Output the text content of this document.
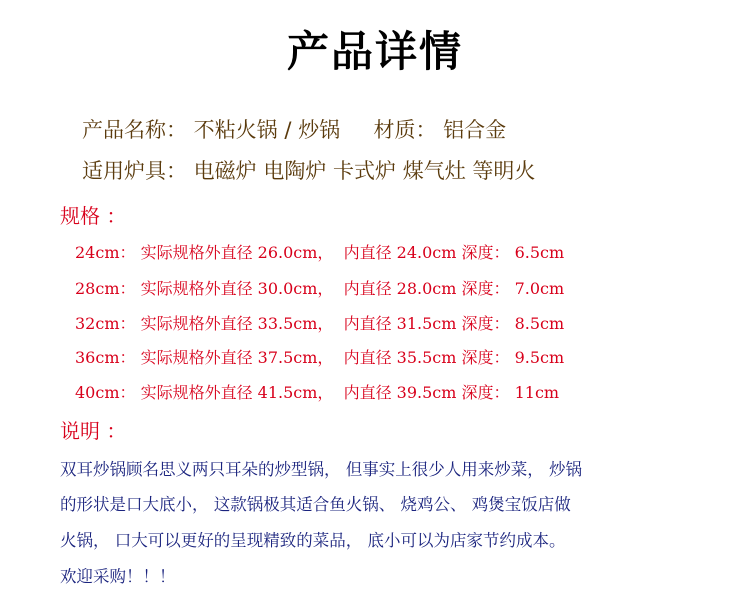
产品详情
产品名称： 不粘火锅 / 炒锅     材质： 铝合金
适用炉具： 电磁炉 电陶炉 卡式炉 煤气灶 等明火
规格 ：
24cm： 实际规格外直径 26.0cm，  内直径 24.0cm 深度： 6.5cm
28cm： 实际规格外直径 30.0cm，  内直径 28.0cm 深度： 7.0cm
32cm： 实际规格外直径 33.5cm，  内直径 31.5cm 深度： 8.5cm
36cm： 实际规格外直径 37.5cm，  内直径 35.5cm 深度： 9.5cm
40cm： 实际规格外直径 41.5cm，  内直径 39.5cm 深度： 11cm
说明 ：
双耳炒锅顾名思义两只耳朵的炒型锅， 但事实上很少人用来炒菜， 炒锅
的形状是口大底小， 这款锅极其适合鱼火锅、 烧鸡公、 鸡煲宝饭店做
火锅， 口大可以更好的呈现精致的菜品， 底小可以为店家节约成本。
欢迎采购！！！
